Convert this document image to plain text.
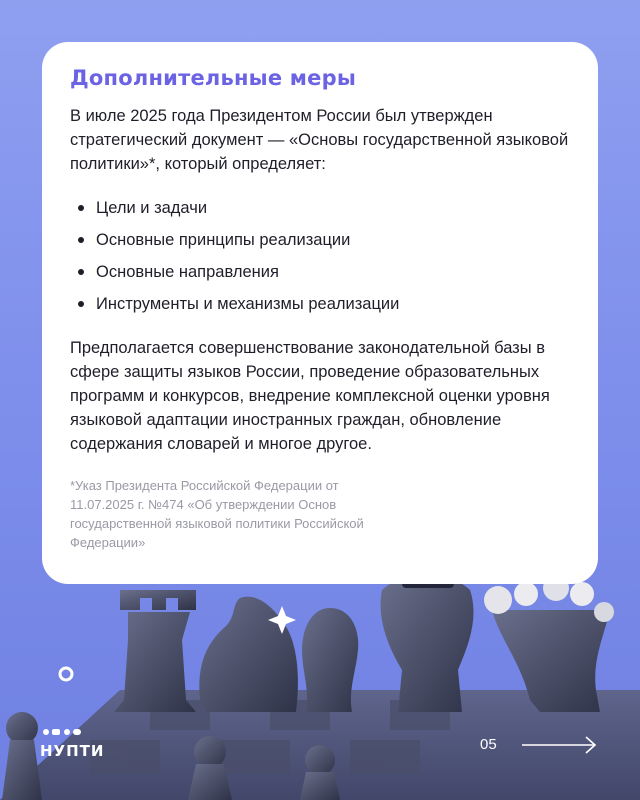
Дополнительные меры

В июле 2025 года Президентом России был утвержден стратегический документ — «Основы государственной языковой политики»*, который определяет:

Цели и задачи
Основные принципы реализации
Основные направления
Инструменты и механизмы реализации

Предполагается совершенствование законодательной базы в сфере защиты языков России, проведение образовательных программ и конкурсов, внедрение комплексной оценки уровня языковой адаптации иностранных граждан, обновление содержания словарей и многое другое.

*Указ Президента Российской Федерации от 11.07.2025 г. №474 «Об утверждении Основ государственной языковой политики Российской Федерации»

НУПТИ	05
